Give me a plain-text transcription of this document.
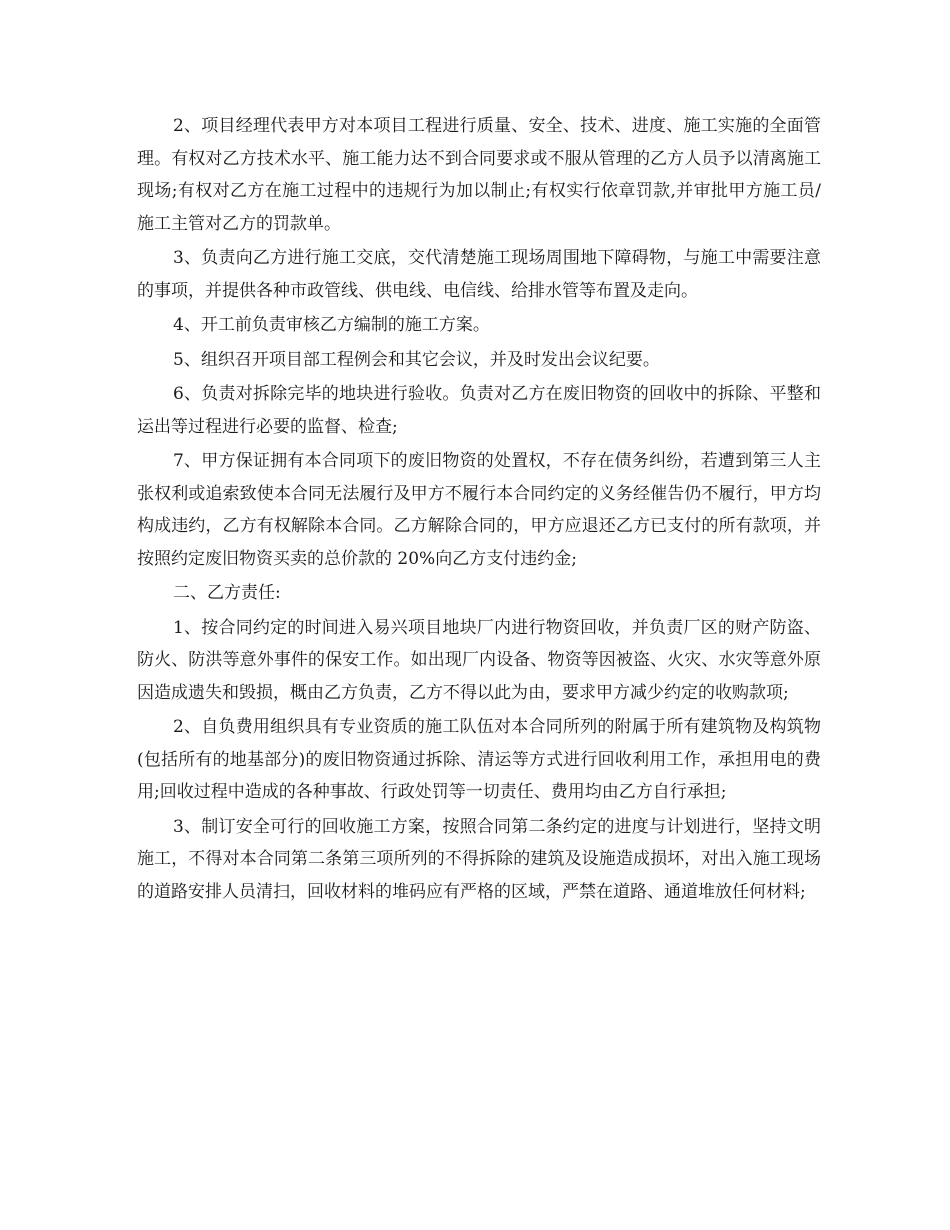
2、项目经理代表甲方对本项目工程进行质量、安全、技术、进度、施工实施的全面管理。有权对乙方技术水平、施工能力达不到合同要求或不服从管理的乙方人员予以清离施工现场;有权对乙方在施工过程中的违规行为加以制止;有权实行依章罚款,并审批甲方施工员/施工主管对乙方的罚款单。

3、负责向乙方进行施工交底，交代清楚施工现场周围地下障碍物，与施工中需要注意的事项，并提供各种市政管线、供电线、电信线、给排水管等布置及走向。

4、开工前负责审核乙方编制的施工方案。

5、组织召开项目部工程例会和其它会议，并及时发出会议纪要。

6、负责对拆除完毕的地块进行验收。负责对乙方在废旧物资的回收中的拆除、平整和运出等过程进行必要的监督、检查;

7、甲方保证拥有本合同项下的废旧物资的处置权，不存在债务纠纷，若遭到第三人主张权利或追索致使本合同无法履行及甲方不履行本合同约定的义务经催告仍不履行，甲方均构成违约，乙方有权解除本合同。乙方解除合同的，甲方应退还乙方已支付的所有款项，并按照约定废旧物资买卖的总价款的 20%向乙方支付违约金;

二、乙方责任:

1、按合同约定的时间进入易兴项目地块厂内进行物资回收，并负责厂区的财产防盗、防火、防洪等意外事件的保安工作。如出现厂内设备、物资等因被盗、火灾、水灾等意外原因造成遗失和毁损，概由乙方负责，乙方不得以此为由，要求甲方减少约定的收购款项;

2、自负费用组织具有专业资质的施工队伍对本合同所列的附属于所有建筑物及构筑物(包括所有的地基部分)的废旧物资通过拆除、清运等方式进行回收利用工作，承担用电的费用;回收过程中造成的各种事故、行政处罚等一切责任、费用均由乙方自行承担;

3、制订安全可行的回收施工方案，按照合同第二条约定的进度与计划进行，坚持文明施工，不得对本合同第二条第三项所列的不得拆除的建筑及设施造成损坏，对出入施工现场的道路安排人员清扫，回收材料的堆码应有严格的区域，严禁在道路、通道堆放任何材料;
